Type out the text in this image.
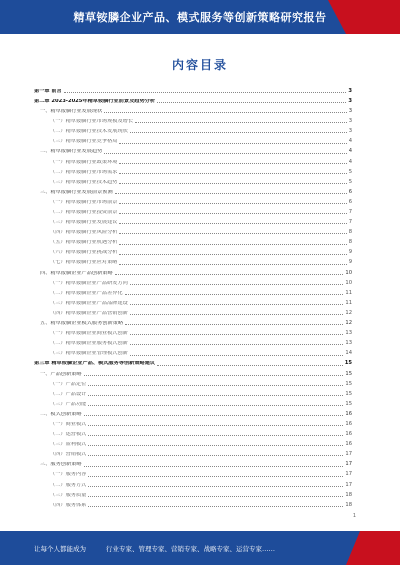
精草铵膦企业产品、模式服务等创新策略研究报告
内容目录
第一章 前言	3
第二章 2023-2025年精草铵膦行业前景及趋势分析	3
一、精草铵膦行业发展现状	3
（一）精草铵膦行业市场规模及增长	3
（二）精草铵膦行业技术发展现状	3
（三）精草铵膦行业竞争格局	4
二、精草铵膦行业发展趋势	4
（一）精草铵膦行业政策环境	4
（二）精草铵膦行业市场需求	5
（三）精草铵膦行业技术趋势	5
三、精草铵膦行业发展前景预测	6
（一）精草铵膦行业市场前景	6
（二）精草铵膦行业投资前景	7
（三）精草铵膦行业发展建议	7
（四）精草铵膦行业风险分析	8
（五）精草铵膦行业机遇分析	8
（六）精草铵膦行业挑战分析	9
（七）精草铵膦行业应对策略	9
四、精草铵膦企业产品创新策略	10
（一）精草铵膦企业产品研发方向	10
（二）精草铵膦企业产品差异化	11
（三）精草铵膦企业产品品牌建设	11
（四）精草铵膦企业产品营销创新	12
五、精草铵膦企业模式服务创新策略	12
（一）精草铵膦企业商业模式创新	13
（二）精草铵膦企业服务模式创新	13
（三）精草铵膦企业管理模式创新	14
第三章 精草铵膦企业产品、模式服务等创新策略建议	15
一、产品创新策略	15
（一）产品定位	15
（二）产品设计	15
（三）产品功能	15
二、模式创新策略	16
（一）商业模式	16
（二）运营模式	16
（三）盈利模式	16
（四）营销模式	17
三、服务创新策略	17
（一）服务内容	17
（二）服务方式	17
（三）服务质量	18
（四）服务体系	18
1
让每个人都能成为	行业专家、管理专家、营销专家、战略专家、运营专家……
